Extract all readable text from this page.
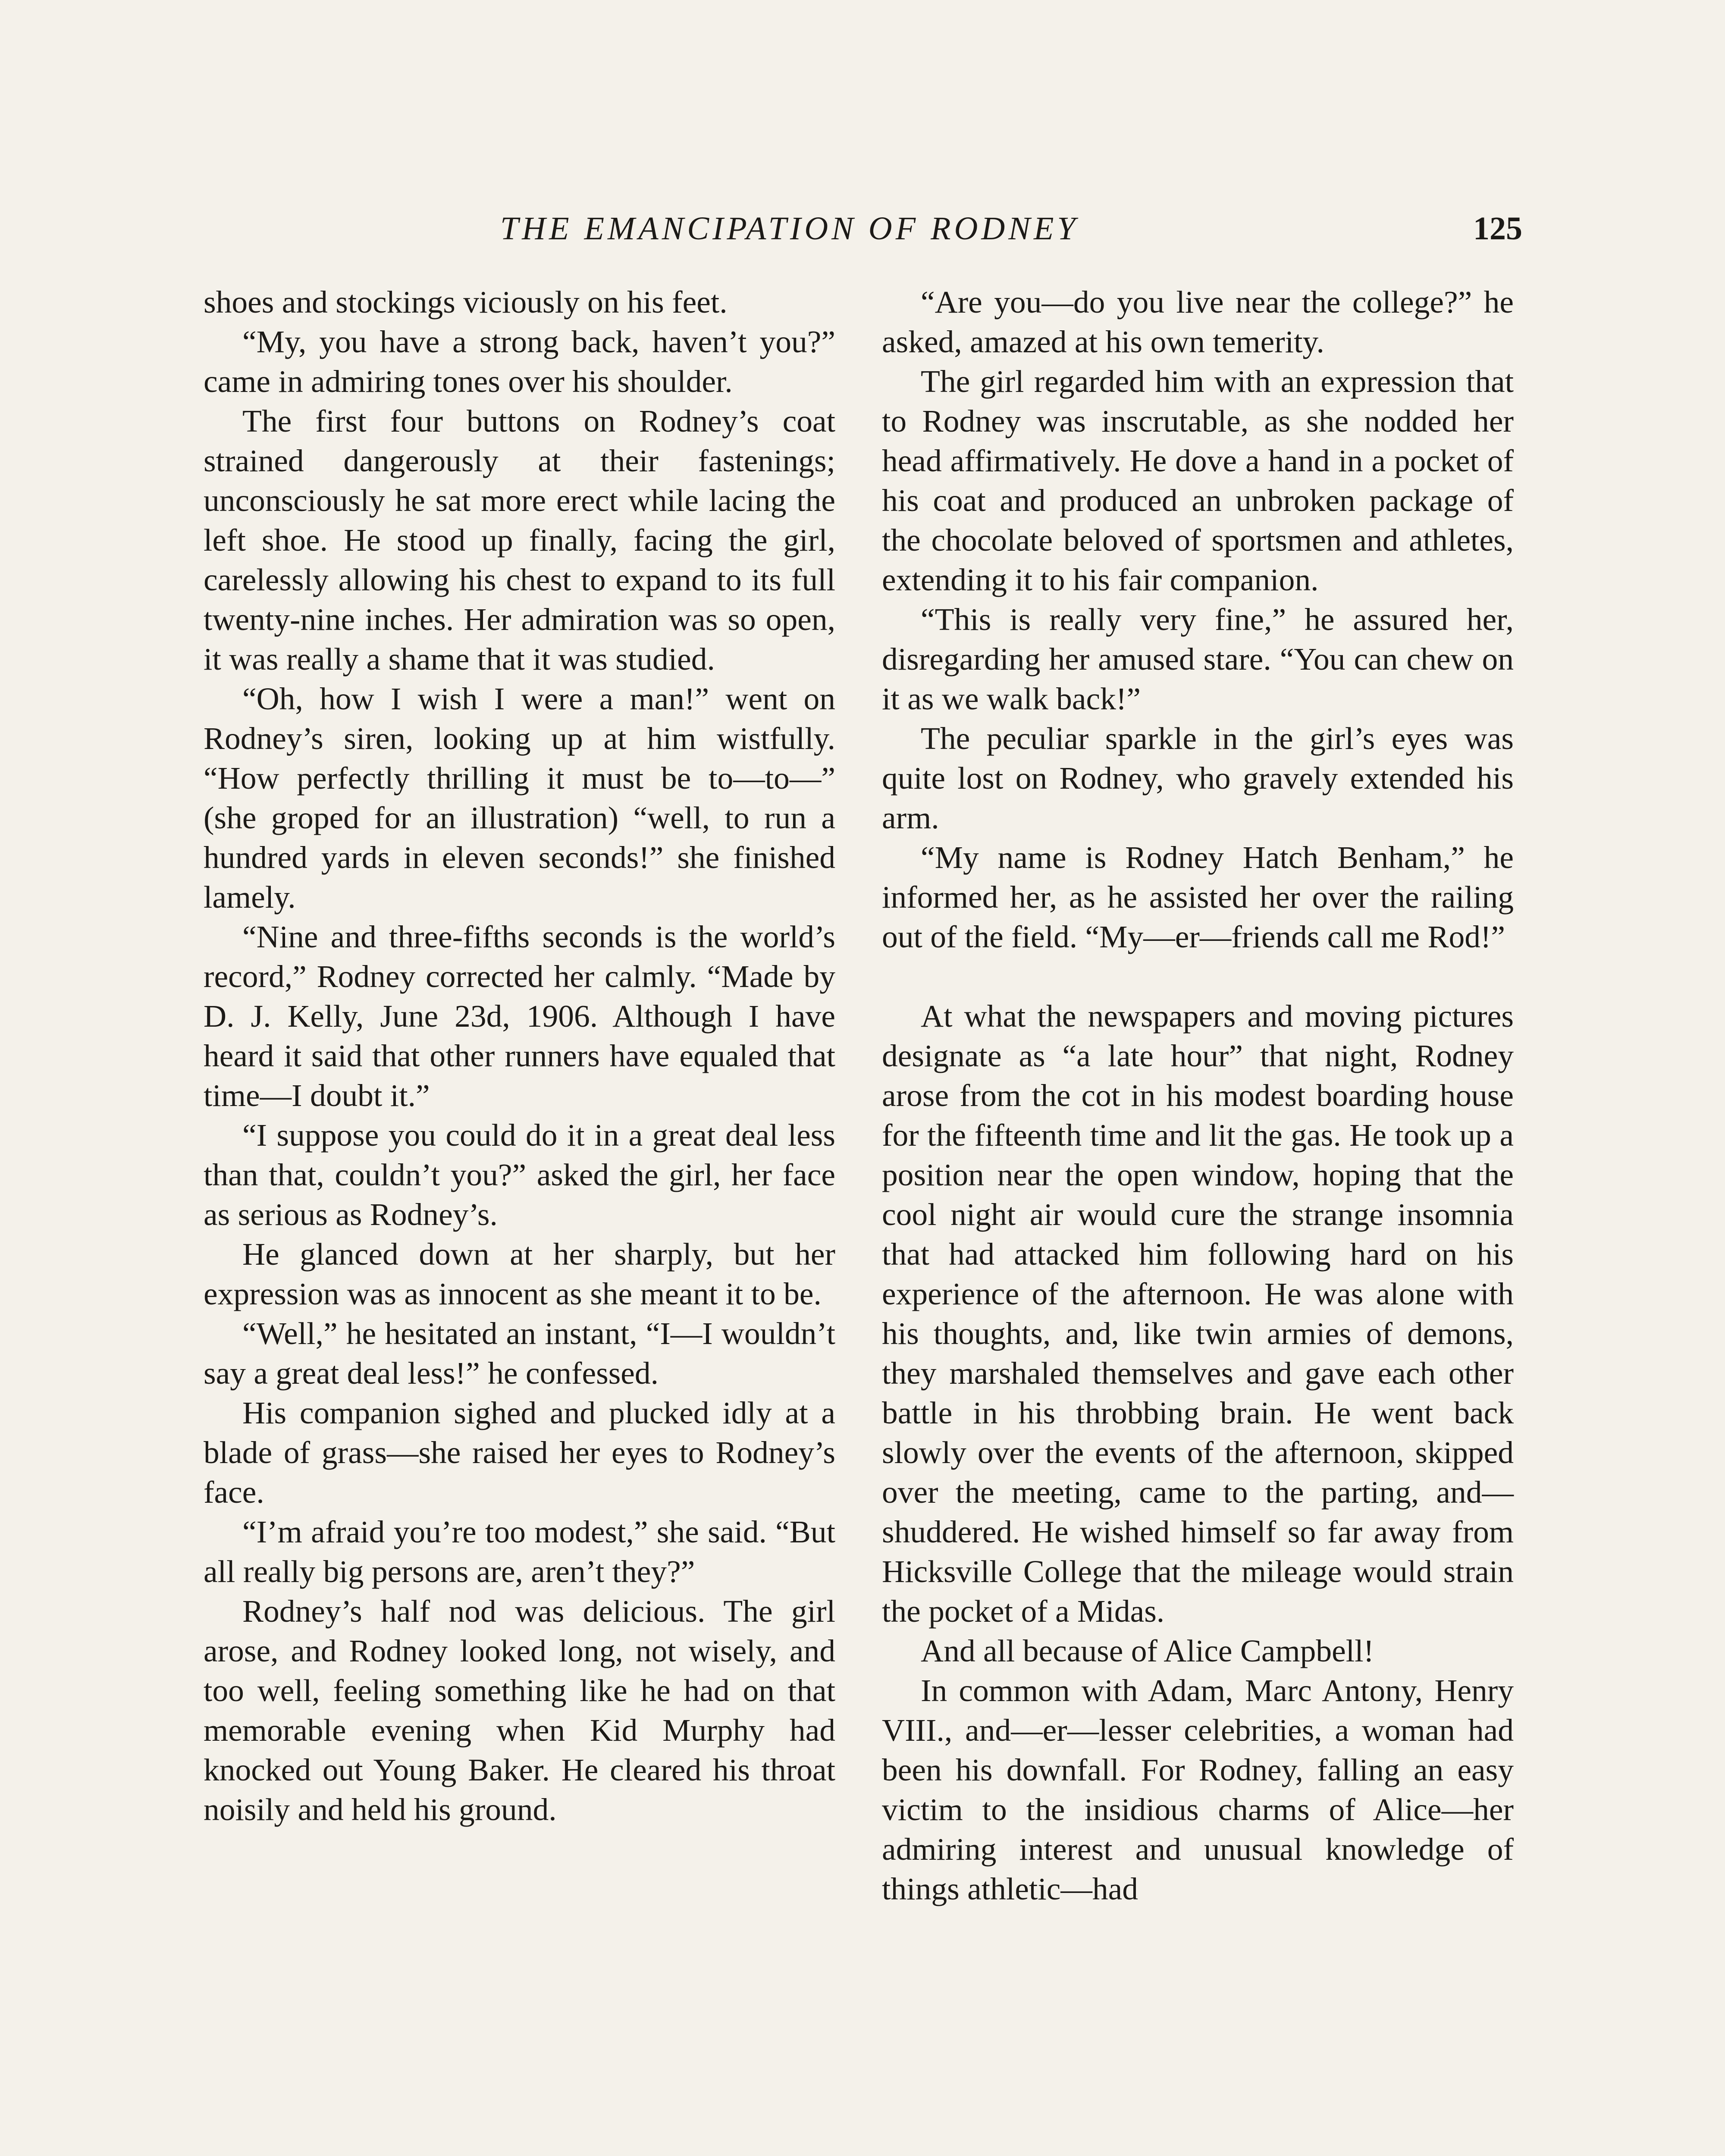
THE EMANCIPATION OF RODNEY	125

shoes and stockings viciously on his feet.

“My, you have a strong back, haven’t you?” came in admiring tones over his shoulder.

The first four buttons on Rodney’s coat strained dangerously at their fastenings; unconsciously he sat more erect while lacing the left shoe. He stood up finally, facing the girl, carelessly allowing his chest to expand to its full twenty-nine inches. Her admiration was so open, it was really a shame that it was studied.

“Oh, how I wish I were a man!” went on Rodney’s siren, looking up at him wistfully. “How perfectly thrilling it must be to—to—” (she groped for an illustration) “well, to run a hundred yards in eleven seconds!” she finished lamely.

“Nine and three-fifths seconds is the world’s record,” Rodney corrected her calmly. “Made by D. J. Kelly, June 23d, 1906. Although I have heard it said that other runners have equaled that time—I doubt it.”

“I suppose you could do it in a great deal less than that, couldn’t you?” asked the girl, her face as serious as Rodney’s.

He glanced down at her sharply, but her expression was as innocent as she meant it to be.

“Well,” he hesitated an instant, “I—I wouldn’t say a great deal less!” he confessed.

His companion sighed and plucked idly at a blade of grass—she raised her eyes to Rodney’s face.

“I’m afraid you’re too modest,” she said. “But all really big persons are, aren’t they?”

Rodney’s half nod was delicious. The girl arose, and Rodney looked long, not wisely, and too well, feeling something like he had on that memorable evening when Kid Murphy had knocked out Young Baker. He cleared his throat noisily and held his ground.

“Are you—do you live near the college?” he asked, amazed at his own temerity.

The girl regarded him with an expression that to Rodney was inscrutable, as she nodded her head affirmatively. He dove a hand in a pocket of his coat and produced an unbroken package of the chocolate beloved of sportsmen and athletes, extending it to his fair companion.

“This is really very fine,” he assured her, disregarding her amused stare. “You can chew on it as we walk back!”

The peculiar sparkle in the girl’s eyes was quite lost on Rodney, who gravely extended his arm.

“My name is Rodney Hatch Benham,” he informed her, as he assisted her over the railing out of the field. “My—er—friends call me Rod!”

At what the newspapers and moving pictures designate as “a late hour” that night, Rodney arose from the cot in his modest boarding house for the fifteenth time and lit the gas. He took up a position near the open window, hoping that the cool night air would cure the strange insomnia that had attacked him following hard on his experience of the afternoon. He was alone with his thoughts, and, like twin armies of demons, they marshaled themselves and gave each other battle in his throbbing brain. He went back slowly over the events of the afternoon, skipped over the meeting, came to the parting, and—shuddered. He wished himself so far away from Hicksville College that the mileage would strain the pocket of a Midas.

And all because of Alice Campbell!

In common with Adam, Marc Antony, Henry VIII., and—er—lesser celebrities, a woman had been his downfall. For Rodney, falling an easy victim to the insidious charms of Alice—her admiring interest and unusual knowledge of things athletic—had
